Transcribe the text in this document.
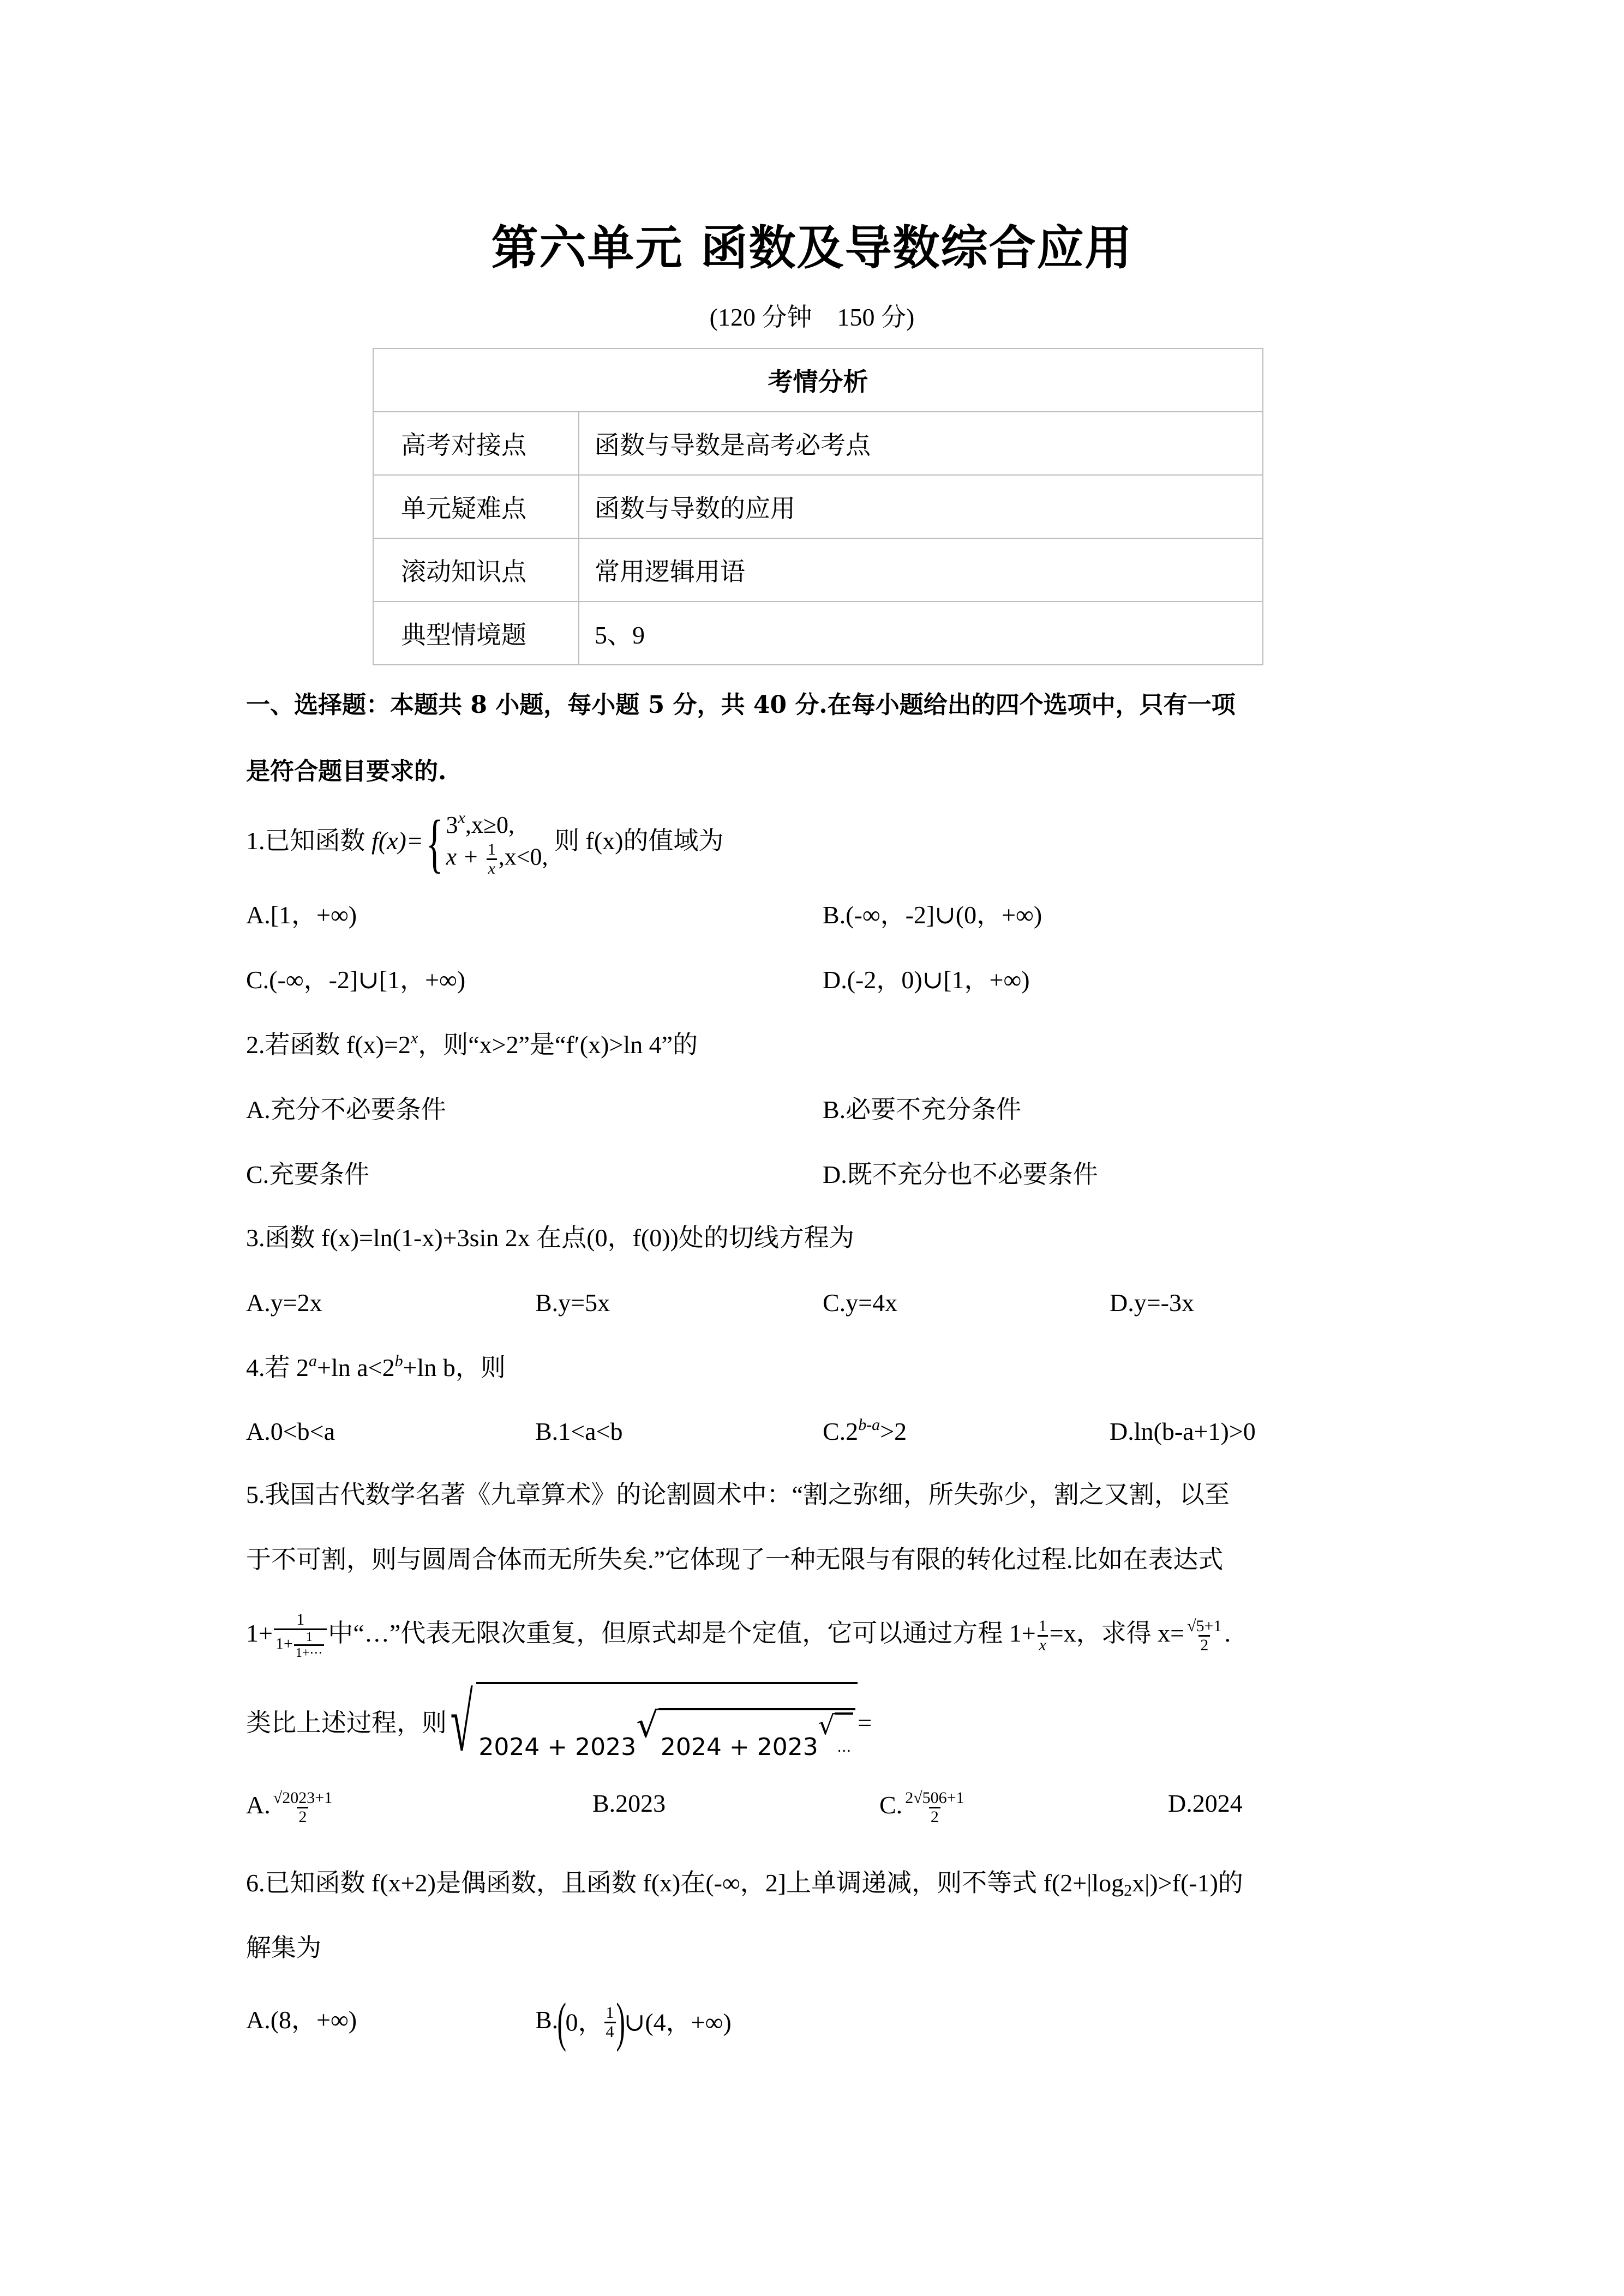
第六单元 函数及导数综合应用
(120 分钟　150 分)
考情分析	
高考对接点	函数与导数是高考必考点
单元疑难点	函数与导数的应用
滚动知识点	常用逻辑用语
典型情境题	5、9
一、选择题：本题共 8 小题，每小题 5 分，共 40 分.在每小题给出的四个选项中，只有一项
是符合题目要求的.
1.已知函数 f(x)= { $3^x,x\ge 0$,
$x + \frac{1}{x} ,x<0$,
则 f(x)的值域为
A.[1，+∞)	B.(-∞，-2]∪(0，+∞)
C.(-∞，-2]∪[1，+∞)	D.(-2，0)∪[1，+∞)
2.若函数 $f(x)=2^x$，则“x>2”是“f′(x)>ln 4”的
A.充分不必要条件	B.必要不充分条件
C.充要条件	D.既不充分也不必要条件
3.函数 f(x)=ln(1-x)+3sin 2x 在点(0，f(0))处的切线方程为
A.y=2x	B.y=5x	C.y=4x	D.y=-3x
4.若 $2^a+\ln$ $a<2^b+\ln$ b，则
A.0<b<a	B.1<a<b	$C.2^{b-a}>2$	D.ln(b-a+1)>0
5.我国古代数学名著《九章算术》的论割圆术中：“割之弥细，所失弥少，割之又割，以至
于不可割，则与圆周合体而无所失矣.”它体现了一种无限与有限的转化过程.比如在表达式
$1+ \frac{1}{1+ \frac{1}{1+\cdots}}$ 中“…”代表无限次重复，但原式却是个定值，它可以通过方程 $1+ \frac{1}{x} =x$，求得 $x= \frac{√5+1}{2}$ .
类比上述过程，则 √ 2024 + 2023
√
2024 + 2023
√
…
=
A. $\frac{√2023+1}{2}$	B.2023	C. $\frac{2√506+1}{2}$	D.2024
6.已知函数 f(x+2)是偶函数，且函数 f(x)在(-∞，2]上单调递减，则不等式 $f(2+|\log_2x|)>f(-1)$的
解集为
A.(8，+∞)	B.(0， $\frac{1}{4}$ )∪(4，+∞)
